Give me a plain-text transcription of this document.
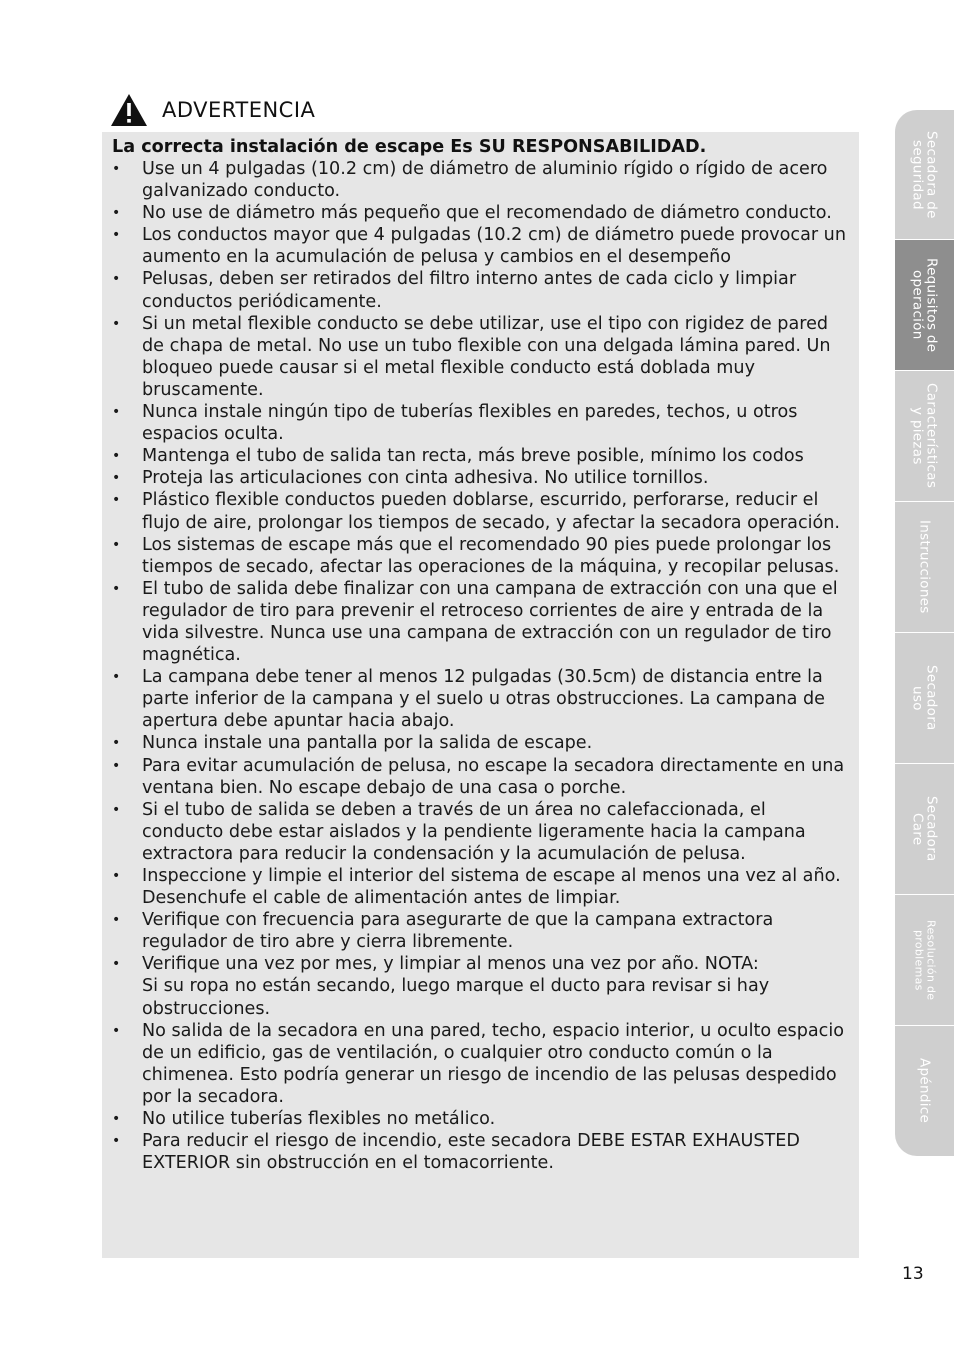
ADVERTENCIA

La correcta instalación de escape Es SU RESPONSABILIDAD.

• Use un 4 pulgadas (10.2 cm) de diámetro de aluminio rígido o rígido de acero galvanizado conducto.
• No use de diámetro más pequeño que el recomendado de diámetro conducto.
• Los conductos mayor que 4 pulgadas (10.2 cm) de diámetro puede provocar un aumento en la acumulación de pelusa y cambios en el desempeño
• Pelusas, deben ser retirados del filtro interno antes de cada ciclo y limpiar conductos periódicamente.
• Si un metal flexible conducto se debe utilizar, use el tipo con rigidez de pared de chapa de metal. No use un tubo flexible con una delgada lámina pared. Un bloqueo puede causar si el metal flexible conducto está doblada muy bruscamente.
• Nunca instale ningún tipo de tuberías flexibles en paredes, techos, u otros espacios oculta.
• Mantenga el tubo de salida tan recta, más breve posible, mínimo los codos
• Proteja las articulaciones con cinta adhesiva. No utilice tornillos.
• Plástico flexible conductos pueden doblarse, escurrido, perforarse, reducir el flujo de aire, prolongar los tiempos de secado, y afectar la secadora operación.
• Los sistemas de escape más que el recomendado 90 pies puede prolongar los tiempos de secado, afectar las operaciones de la máquina, y recopilar pelusas.
• El tubo de salida debe finalizar con una campana de extracción con una que el regulador de tiro para prevenir el retroceso corrientes de aire y entrada de la vida silvestre. Nunca use una campana de extracción con un regulador de tiro magnética.
• La campana debe tener al menos 12 pulgadas (30.5cm) de distancia entre la parte inferior de la campana y el suelo u otras obstrucciones. La campana de apertura debe apuntar hacia abajo.
• Nunca instale una pantalla por la salida de escape.
• Para evitar acumulación de pelusa, no escape la secadora directamente en una ventana bien. No escape debajo de una casa o porche.
• Si el tubo de salida se deben a través de un área no calefaccionada, el conducto debe estar aislados y la pendiente ligeramente hacia la campana extractora para reducir la condensación y la acumulación de pelusa.
• Inspeccione y limpie el interior del sistema de escape al menos una vez al año. Desenchufe el cable de alimentación antes de limpiar.
• Verifique con frecuencia para asegurarte de que la campana extractora regulador de tiro abre y cierra libremente.
• Verifique una vez por mes, y limpiar al menos una vez por año. NOTA:
Si su ropa no están secando, luego marque el ducto para revisar si hay obstrucciones.
• No salida de la secadora en una pared, techo, espacio interior, u oculto espacio de un edificio, gas de ventilación, o cualquier otro conducto común o la chimenea. Esto podría generar un riesgo de incendio de las pelusas despedido por la secadora.
• No utilice tuberías flexibles no metálico.
• Para reducir el riesgo de incendio, este secadora DEBE ESTAR EXHAUSTED EXTERIOR sin obstrucción en el tomacorriente.
Secadora de
seguridad
Requisitos de
operación
Características
y piezas
Instrucciones
Secadora
uso
Secadora
Care
Resolución de
problemas
Apéndice
13
